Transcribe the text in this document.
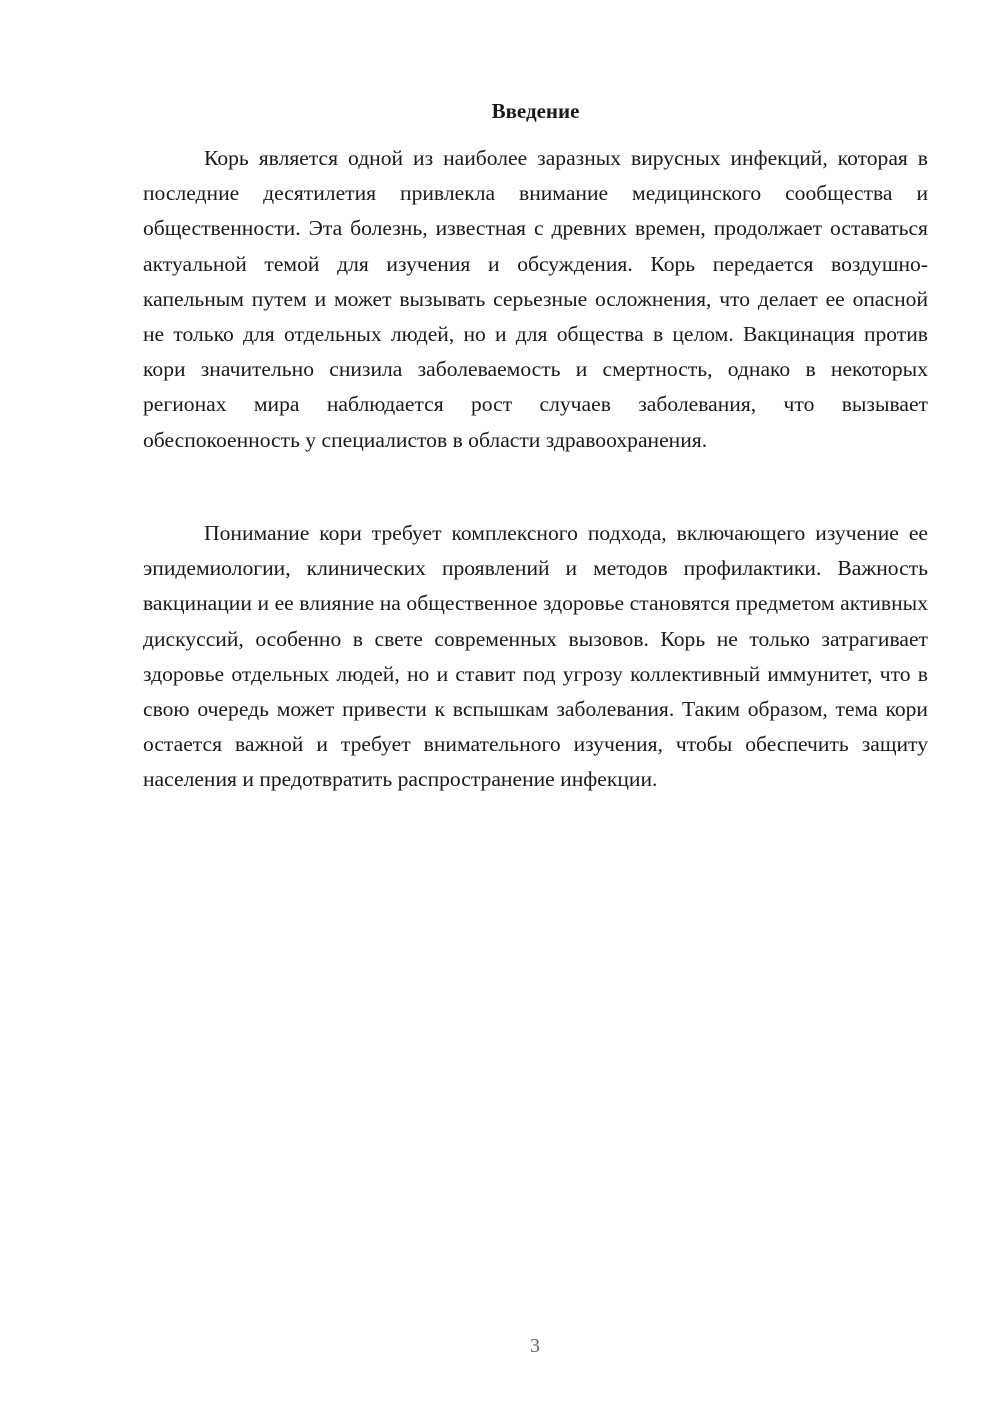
Введение

Корь является одной из наиболее заразных вирусных инфекций, которая в последние десятилетия привлекла внимание медицинского сообщества и общественности. Эта болезнь, известная с древних времен, продолжает оставаться актуальной темой для изучения и обсуждения. Корь передается воздушно-капельным путем и может вызывать серьезные осложнения, что делает ее опасной не только для отдельных людей, но и для общества в целом. Вакцинация против кори значительно снизила заболеваемость и смертность, однако в некоторых регионах мира наблюдается рост случаев заболевания, что вызывает обеспокоенность у специалистов в области здравоохранения.

Понимание кори требует комплексного подхода, включающего изучение ее эпидемиологии, клинических проявлений и методов профилактики. Важность вакцинации и ее влияние на общественное здоровье становятся предметом активных дискуссий, особенно в свете современных вызовов. Корь не только затрагивает здоровье отдельных людей, но и ставит под угрозу коллективный иммунитет, что в свою очередь может привести к вспышкам заболевания. Таким образом, тема кори остается важной и требует внимательного изучения, чтобы обеспечить защиту населения и предотвратить распространение инфекции.

3
